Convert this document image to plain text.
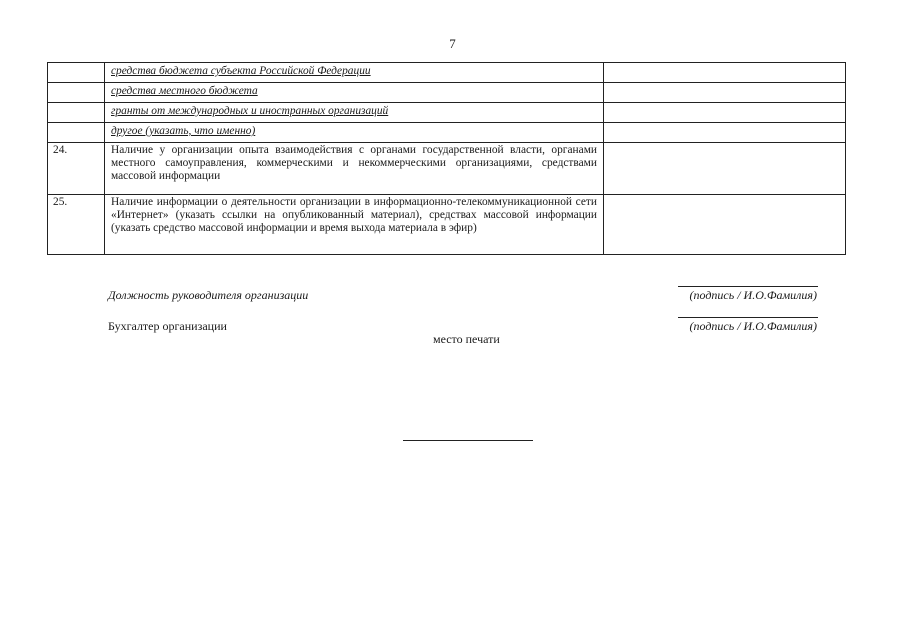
7
	средства бюджета субъекта Российской Федерации	
	средства местного бюджета	
	гранты от международных и иностранных организаций	
	другое (указать, что именно)	
24.	Наличие у организации опыта взаимодействия с органами государственной власти, органами местного самоуправления, коммерческими и некоммерческими организациями, средствами массовой информации	
25.	Наличие информации о деятельности организации в информационно-телекоммуникационной сети «Интернет» (указать ссылки на опубликованный материал), средствах массовой информации (указать средство массовой информации и время выхода материала в эфир)	
Должность руководителя организации	(подпись / И.О.Фамилия)
Бухгалтер организации	(подпись / И.О.Фамилия)
место печати
